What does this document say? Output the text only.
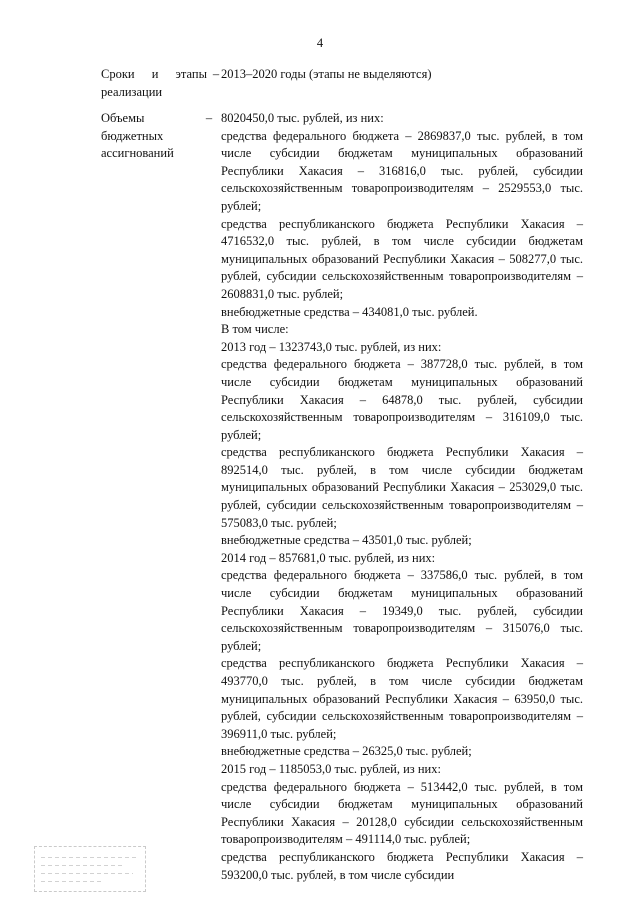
4
Сроки и этапы
реализации
– 2013–2020 годы (этапы не выделяются)
Объемы
бюджетных
ассигнований
– 8020450,0 тыс. рублей, из них:
средства федерального бюджета – 2869837,0 тыс. рублей, в том числе субсидии бюджетам муниципальных образований Республики Хакасия – 316816,0 тыс. рублей, субсидии сельскохозяйственным товаропроизводителям – 2529553,0 тыс. рублей;
средства республиканского бюджета Республики Хакасия – 4716532,0 тыс. рублей, в том числе субсидии бюджетам муниципальных образований Республики Хакасия – 508277,0 тыс. рублей, субсидии сельскохозяйственным товаропроизводителям – 2608831,0 тыс. рублей;
внебюджетные средства – 434081,0 тыс. рублей.
В том числе:
2013 год – 1323743,0 тыс. рублей, из них:
средства федерального бюджета – 387728,0 тыс. рублей, в том числе субсидии бюджетам муниципальных образований Республики Хакасия – 64878,0 тыс. рублей, субсидии сельскохозяйственным товаропроизводителям – 316109,0 тыс. рублей;
средства республиканского бюджета Республики Хакасия – 892514,0 тыс. рублей, в том числе субсидии бюджетам муниципальных образований Республики Хакасия – 253029,0 тыс. рублей, субсидии сельскохозяйственным товаропроизводителям – 575083,0 тыс. рублей;
внебюджетные средства – 43501,0 тыс. рублей;
2014 год – 857681,0 тыс. рублей, из них:
средства федерального бюджета – 337586,0 тыс. рублей, в том числе субсидии бюджетам муниципальных образований Республики Хакасия – 19349,0 тыс. рублей, субсидии сельскохозяйственным товаропроизводителям – 315076,0 тыс. рублей;
средства республиканского бюджета Республики Хакасия – 493770,0 тыс. рублей, в том числе субсидии бюджетам муниципальных образований Республики Хакасия – 63950,0 тыс. рублей, субсидии сельскохозяйственным товаропроизводителям – 396911,0 тыс. рублей;
внебюджетные средства – 26325,0 тыс. рублей;
2015 год – 1185053,0 тыс. рублей, из них:
средства федерального бюджета – 513442,0 тыс. рублей, в том числе субсидии бюджетам муниципальных образований Республики Хакасия – 20128,0 субсидии сельскохозяйственным товаропроизводителям – 491114,0 тыс. рублей;
средства республиканского бюджета Республики Хакасия – 593200,0 тыс. рублей, в том числе субсидии
